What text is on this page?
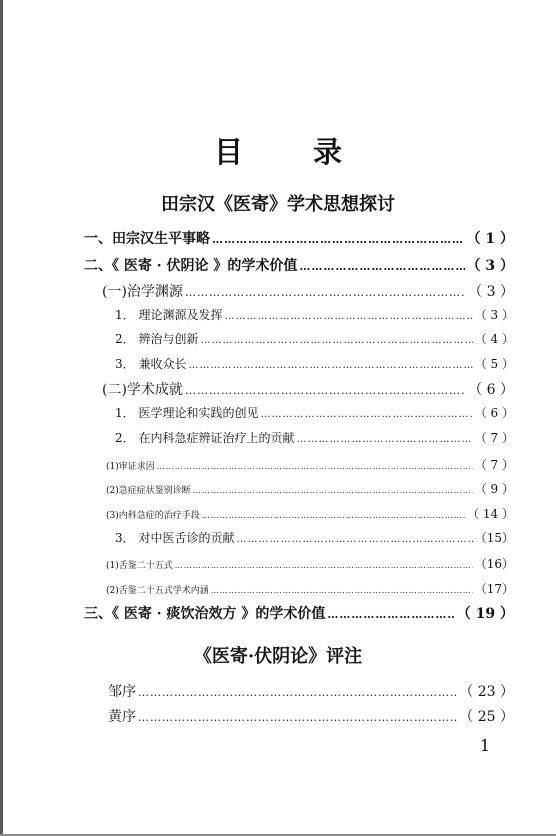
目 录
田宗汉《医寄》学术思想探讨
一、田宗汉生平事略 …………………………………………………………………………………………………………………………………………………………………………	（ 1 ）
二、《 医寄 · 伏阴论 》的学术价值 …………………………………………………………………………………………………………………………………………………………………………	（ 3 ）
(一)治学渊源 …………………………………………………………………………………………………………………………………………………………………………	（ 3 ）
1． 理论渊源及发挥 …………………………………………………………………………………………………………………………………………………………………………	（ 3 ）
2． 辨治与创新 …………………………………………………………………………………………………………………………………………………………………………	（ 4 ）
3． 兼收众长 …………………………………………………………………………………………………………………………………………………………………………	（ 5 ）
(二)学术成就 …………………………………………………………………………………………………………………………………………………………………………	（ 6 ）
1． 医学理论和实践的创见 …………………………………………………………………………………………………………………………………………………………………………	（ 6 ）
2． 在内科急症辨证治疗上的贡献 …………………………………………………………………………………………………………………………………………………………………………	（ 7 ）
(1)审证求因 …………………………………………………………………………………………………………………………………………………………………………	（ 7 ）
(2)急症症状鉴别诊断 …………………………………………………………………………………………………………………………………………………………………………	（ 9 ）
(3)内科急症的治疗手段 …………………………………………………………………………………………………………………………………………………………………………	（ 14 ）
3． 对中医舌诊的贡献 …………………………………………………………………………………………………………………………………………………………………………	（15）
(1)舌鉴二十五式 …………………………………………………………………………………………………………………………………………………………………………	（16）
(2)舌鉴二十五式学术内涵 …………………………………………………………………………………………………………………………………………………………………………	（17）
三、《 医寄 · 痰饮治效方 》的学术价值 …………………………………………………………………………………………………………………………………………………………………………	（ 19 ）
《医寄·伏阴论》评注
邹序 …………………………………………………………………………………………………………………………………………………………………………	（ 23 ）
黄序 …………………………………………………………………………………………………………………………………………………………………………	（ 25 ）
1
